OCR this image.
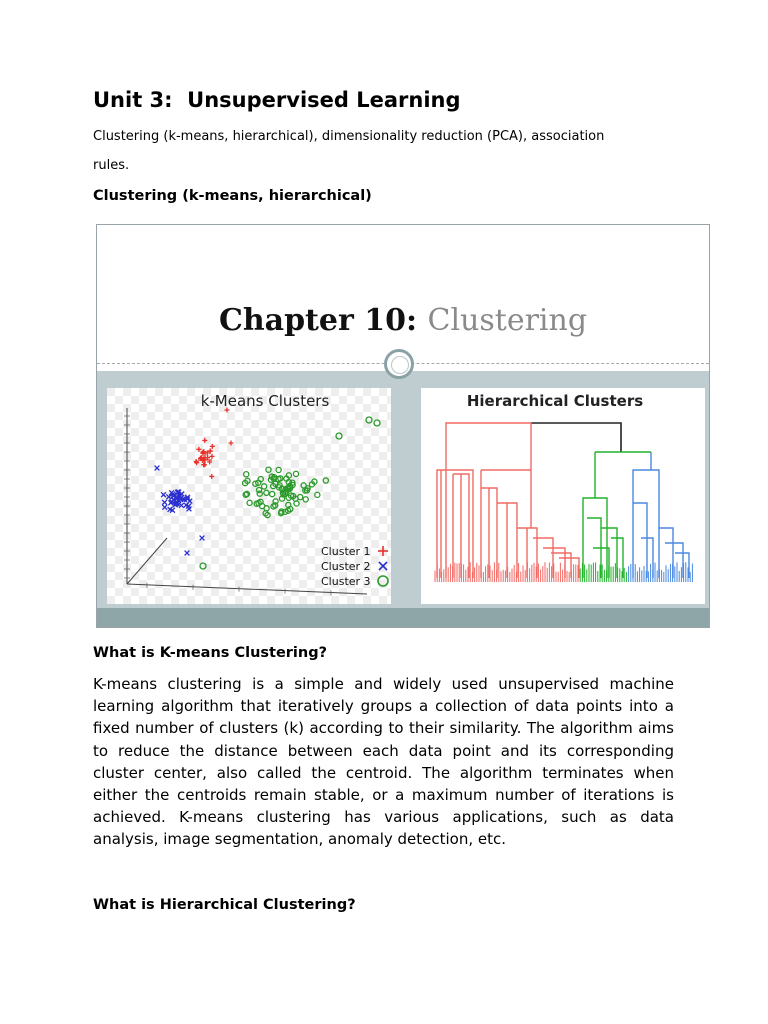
Unit 3:  Unsupervised Learning
Clustering (k-means, hierarchical), dimensionality reduction (PCA), association
rules.
Clustering (k-means, hierarchical)
Chapter 10: Clustering
k-Means Clusters
Cluster 1
Cluster 2
Cluster 3
Hierarchical Clusters
What is K-means Clustering?
K-means clustering is a simple and widely used unsupervised machine learning algorithm that iteratively groups a collection of data points into a fixed number of clusters (k) according to their similarity. The algorithm aims to reduce the distance between each data point and its corresponding cluster center, also called the centroid. The algorithm terminates when either the centroids remain stable, or a maximum number of iterations is achieved. K-means clustering has various applications, such as data analysis, image segmentation, anomaly detection, etc.
What is Hierarchical Clustering?
